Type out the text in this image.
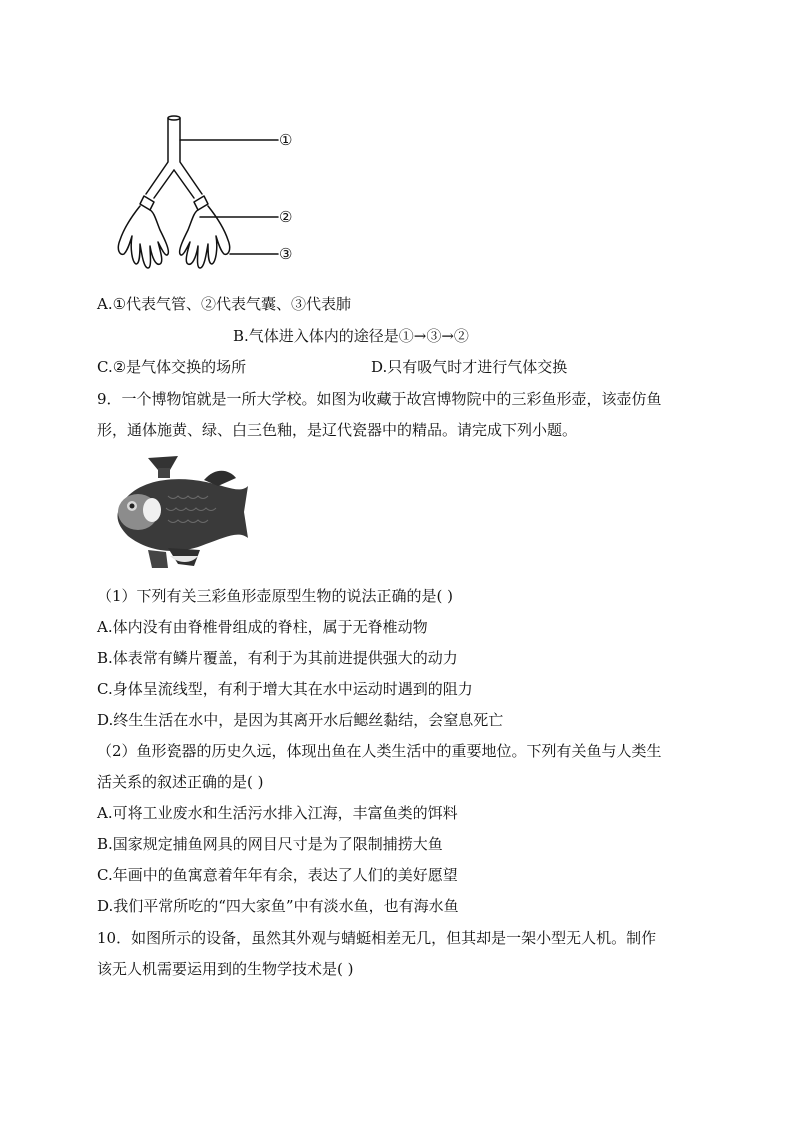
①
②
③
A.①代表气管、②代表气囊、③代表肺
B.气体进入体内的途径是①→③→②
C.②是气体交换的场所	D.只有吸气时才进行气体交换
9．一个博物馆就是一所大学校。如图为收藏于故宫博物院中的三彩鱼形壶，该壶仿鱼
形，通体施黄、绿、白三色釉，是辽代瓷器中的精品。请完成下列小题。
（1）下列有关三彩鱼形壶原型生物的说法正确的是( )
A.体内没有由脊椎骨组成的脊柱，属于无脊椎动物
B.体表常有鳞片覆盖，有利于为其前进提供强大的动力
C.身体呈流线型，有利于增大其在水中运动时遇到的阻力
D.终生生活在水中，是因为其离开水后鳃丝黏结，会窒息死亡
（2）鱼形瓷器的历史久远，体现出鱼在人类生活中的重要地位。下列有关鱼与人类生
活关系的叙述正确的是( )
A.可将工业废水和生活污水排入江海，丰富鱼类的饵料
B.国家规定捕鱼网具的网目尺寸是为了限制捕捞大鱼
C.年画中的鱼寓意着年年有余，表达了人们的美好愿望
D.我们平常所吃的“四大家鱼”中有淡水鱼，也有海水鱼
10．如图所示的设备，虽然其外观与蜻蜓相差无几，但其却是一架小型无人机。制作
该无人机需要运用到的生物学技术是( )
